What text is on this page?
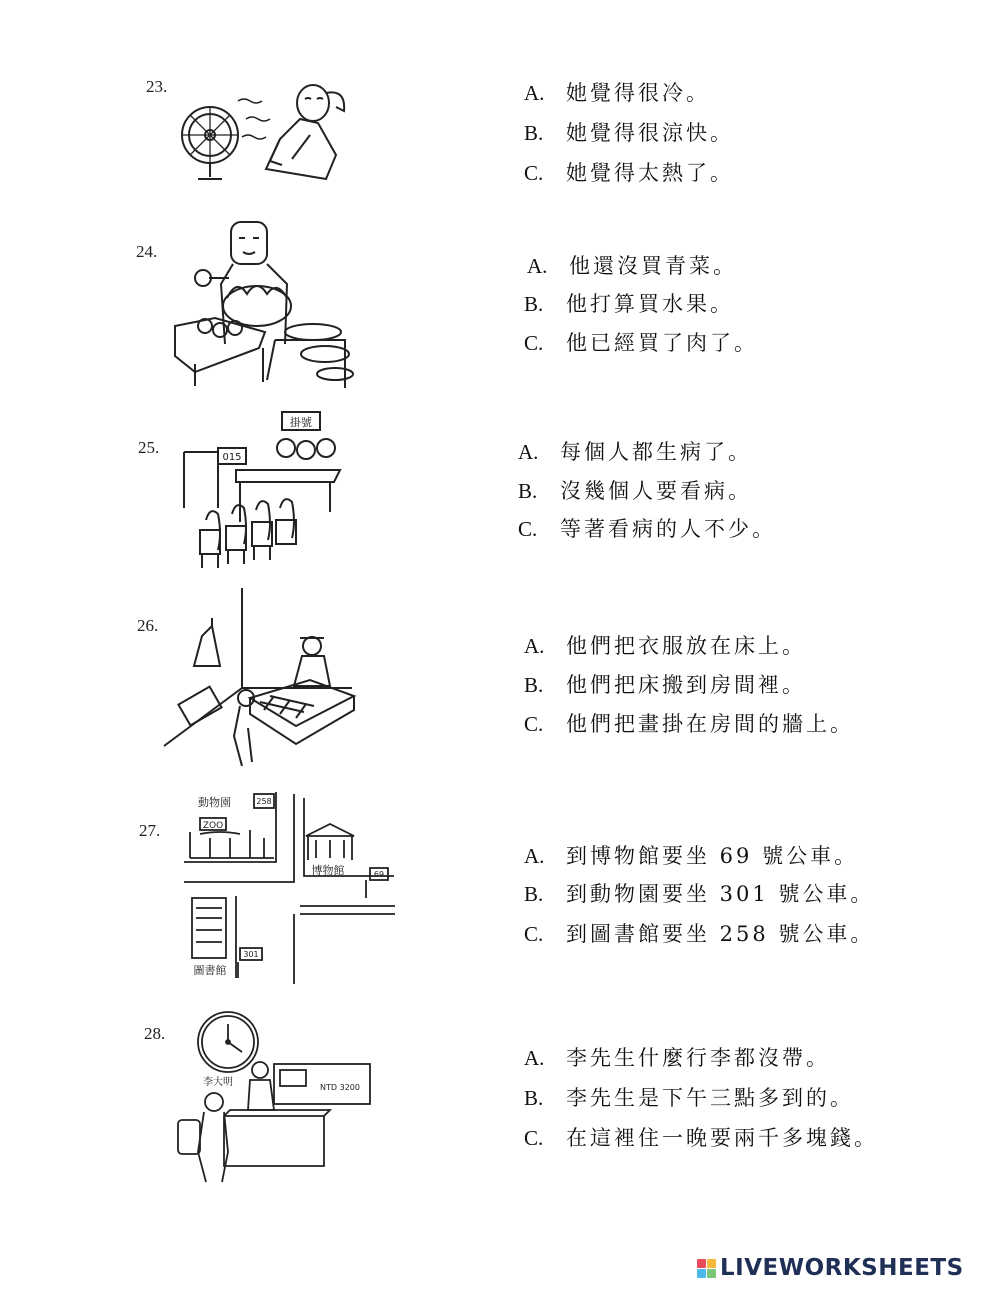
23.	A. 她覺得很冷。
B. 她覺得很涼快。
C. 她覺得太熱了。
24.
A. 他還沒買青菜。
B. 他打算買水果。
C. 他已經買了肉了。
25.
掛號
015	A. 每個人都生病了。
B. 沒幾個人要看病。
C. 等著看病的人不少。
26.
A. 他們把衣服放在床上。
B. 他們把床搬到房間裡。
C. 他們把畫掛在房間的牆上。
27.
動物園	258
ZOO
博物館	69
301
圖書館
A. 到博物館要坐 69 號公車。
B. 到動物園要坐 301 號公車。
C. 到圖書館要坐 258 號公車。
28.
李大明	NTD 3200
A. 李先生什麼行李都沒帶。
B. 李先生是下午三點多到的。
C. 在這裡住一晚要兩千多塊錢。
LIVEWORKSHEETS
